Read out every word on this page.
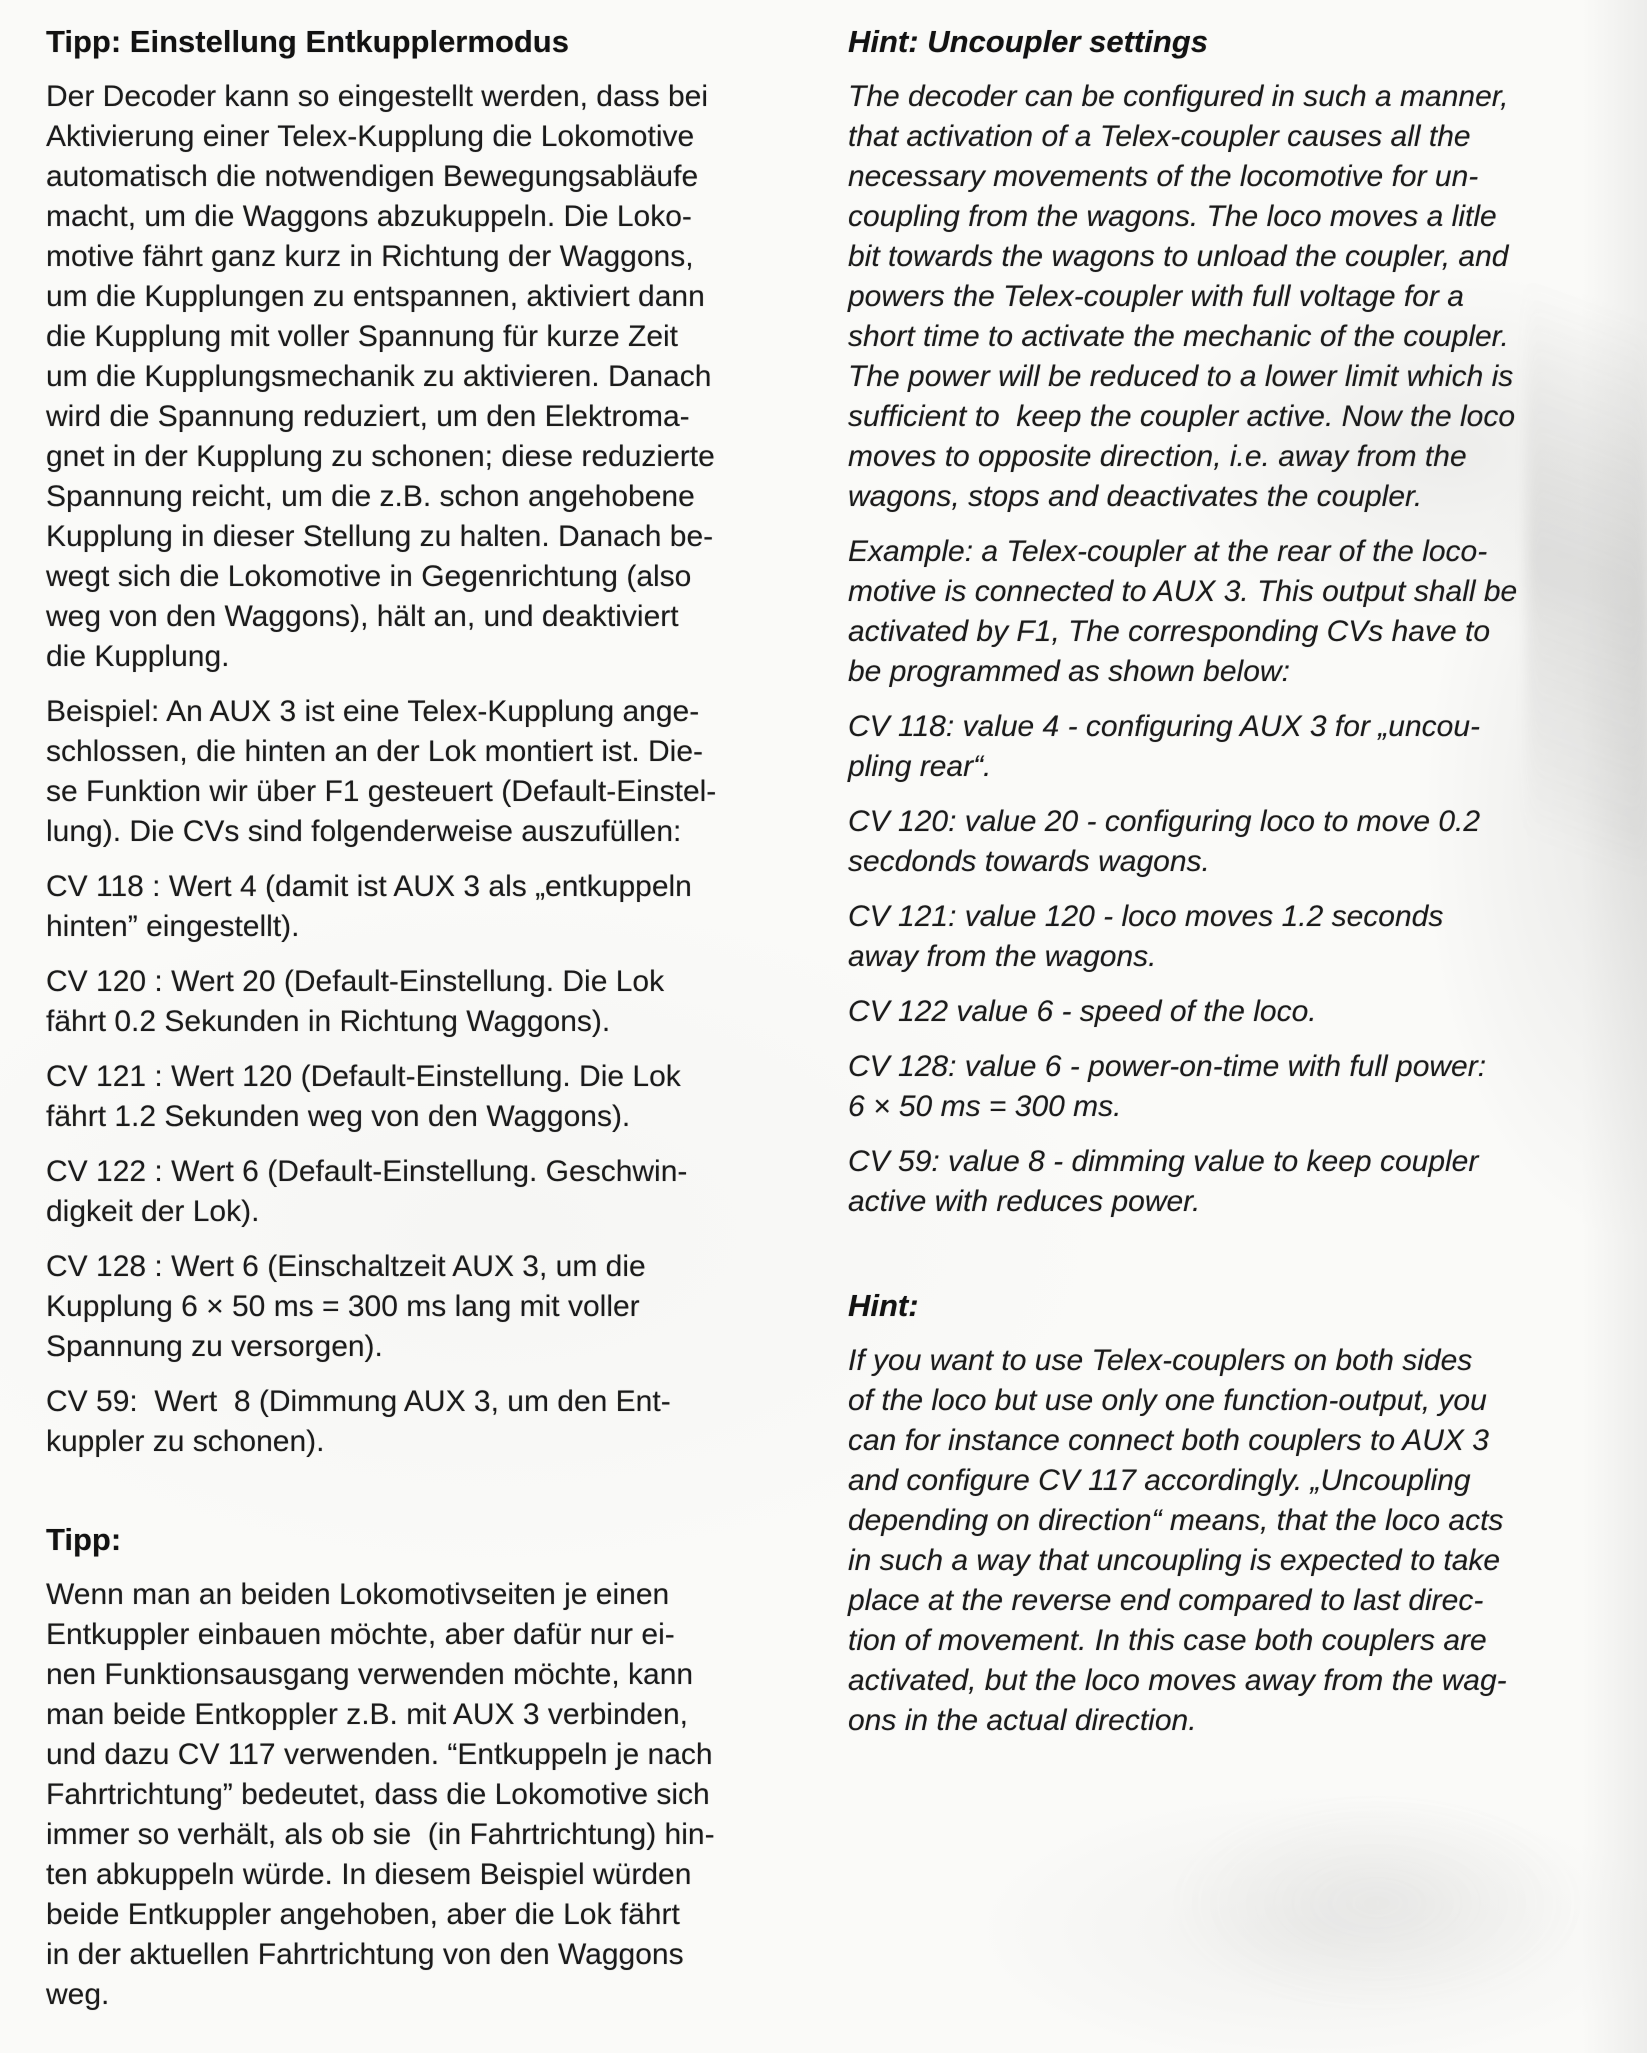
Tipp: Einstellung Entkupplermodus

Der Decoder kann so eingestellt werden, dass bei
Aktivierung einer Telex-Kupplung die Lokomotive
automatisch die notwendigen Bewegungsabläufe
macht, um die Waggons abzukuppeln. Die Loko-
motive fährt ganz kurz in Richtung der Waggons,
um die Kupplungen zu entspannen, aktiviert dann
die Kupplung mit voller Spannung für kurze Zeit
um die Kupplungsmechanik zu aktivieren. Danach
wird die Spannung reduziert, um den Elektroma-
gnet in der Kupplung zu schonen; diese reduzierte
Spannung reicht, um die z.B. schon angehobene
Kupplung in dieser Stellung zu halten. Danach be-
wegt sich die Lokomotive in Gegenrichtung (also
weg von den Waggons), hält an, und deaktiviert
die Kupplung.

Beispiel: An AUX 3 ist eine Telex-Kupplung ange-
schlossen, die hinten an der Lok montiert ist. Die-
se Funktion wir über F1 gesteuert (Default-Einstel-
lung). Die CVs sind folgenderweise auszufüllen:

CV 118 : Wert 4 (damit ist AUX 3 als „entkuppeln
hinten” eingestellt).

CV 120 : Wert 20 (Default-Einstellung. Die Lok
fährt 0.2 Sekunden in Richtung Waggons).

CV 121 : Wert 120 (Default-Einstellung. Die Lok
fährt 1.2 Sekunden weg von den Waggons).

CV 122 : Wert 6 (Default-Einstellung. Geschwin-
digkeit der Lok).

CV 128 : Wert 6 (Einschaltzeit AUX 3, um die
Kupplung 6 × 50 ms = 300 ms lang mit voller
Spannung zu versorgen).

CV 59:  Wert  8 (Dimmung AUX 3, um den Ent-
kuppler zu schonen).

Tipp:

Wenn man an beiden Lokomotivseiten je einen
Entkuppler einbauen möchte, aber dafür nur ei-
nen Funktionsausgang verwenden möchte, kann
man beide Entkoppler z.B. mit AUX 3 verbinden,
und dazu CV 117 verwenden. “Entkuppeln je nach
Fahrtrichtung” bedeutet, dass die Lokomotive sich
immer so verhält, als ob sie  (in Fahrtrichtung) hin-
ten abkuppeln würde. In diesem Beispiel würden
beide Entkuppler angehoben, aber die Lok fährt
in der aktuellen Fahrtrichtung von den Waggons
weg.

Hint: Uncoupler settings

The decoder can be configured in such a manner,
that activation of a Telex-coupler causes all the
necessary movements of the locomotive for un-
coupling from the wagons. The loco moves a litle
bit towards the wagons to unload the coupler, and
powers the Telex-coupler with full voltage for a
short time to activate the mechanic of the coupler.
The power will be reduced to a lower limit which is
sufficient to  keep the coupler active. Now the loco
moves to opposite direction, i.e. away from the
wagons, stops and deactivates the coupler.

Example: a Telex-coupler at the rear of the loco-
motive is connected to AUX 3. This output shall be
activated by F1, The corresponding CVs have to
be programmed as shown below:

CV 118: value 4 - configuring AUX 3 for „uncou-
pling rear“.

CV 120: value 20 - configuring loco to move 0.2
secdonds towards wagons.

CV 121: value 120 - loco moves 1.2 seconds
away from the wagons.

CV 122 value 6 - speed of the loco.

CV 128: value 6 - power-on-time with full power:
6 × 50 ms = 300 ms.

CV 59: value 8 - dimming value to keep coupler
active with reduces power.

Hint:

If you want to use Telex-couplers on both sides
of the loco but use only one function-output, you
can for instance connect both couplers to AUX 3
and configure CV 117 accordingly. „Uncoupling
depending on direction“ means, that the loco acts
in such a way that uncoupling is expected to take
place at the reverse end compared to last direc-
tion of movement. In this case both couplers are
activated, but the loco moves away from the wag-
ons in the actual direction.
